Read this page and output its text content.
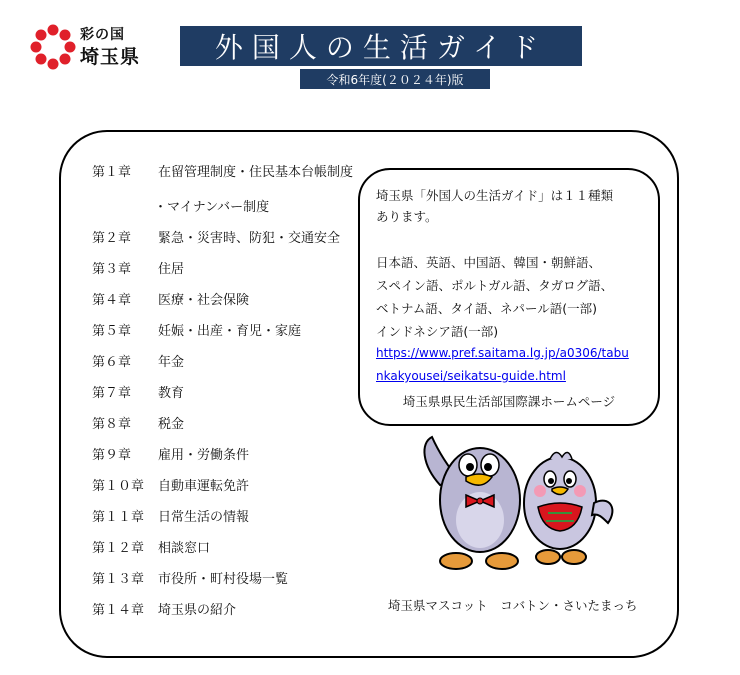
彩の国
埼玉県	外国人の生活ガイド
令和6年度(２０２４年)版
第１章	在留管理制度・住民基本台帳制度
・マイナンバー制度
第２章	緊急・災害時、防犯・交通安全
第３章	住居
第４章	医療・社会保険
第５章	妊娠・出産・育児・家庭
第６章	年金
第７章	教育
第８章	税金
第９章	雇用・労働条件
第１０章	自動車運転免許
第１１章	日常生活の情報
第１２章	相談窓口
第１３章	市役所・町村役場一覧
第１４章	埼玉県の紹介
埼玉県「外国人の生活ガイド」は１１種類
あります。
日本語、英語、中国語、韓国・朝鮮語、
スペイン語、ポルトガル語、タガログ語、
ベトナム語、タイ語、ネパール語(一部)
インドネシア語(一部)
https://www.pref.saitama.lg.jp/a0306/tabu
nkakyousei/seikatsu-guide.html
埼玉県県民生活部国際課ホームページ
埼玉県マスコット　コバトン・さいたまっち
